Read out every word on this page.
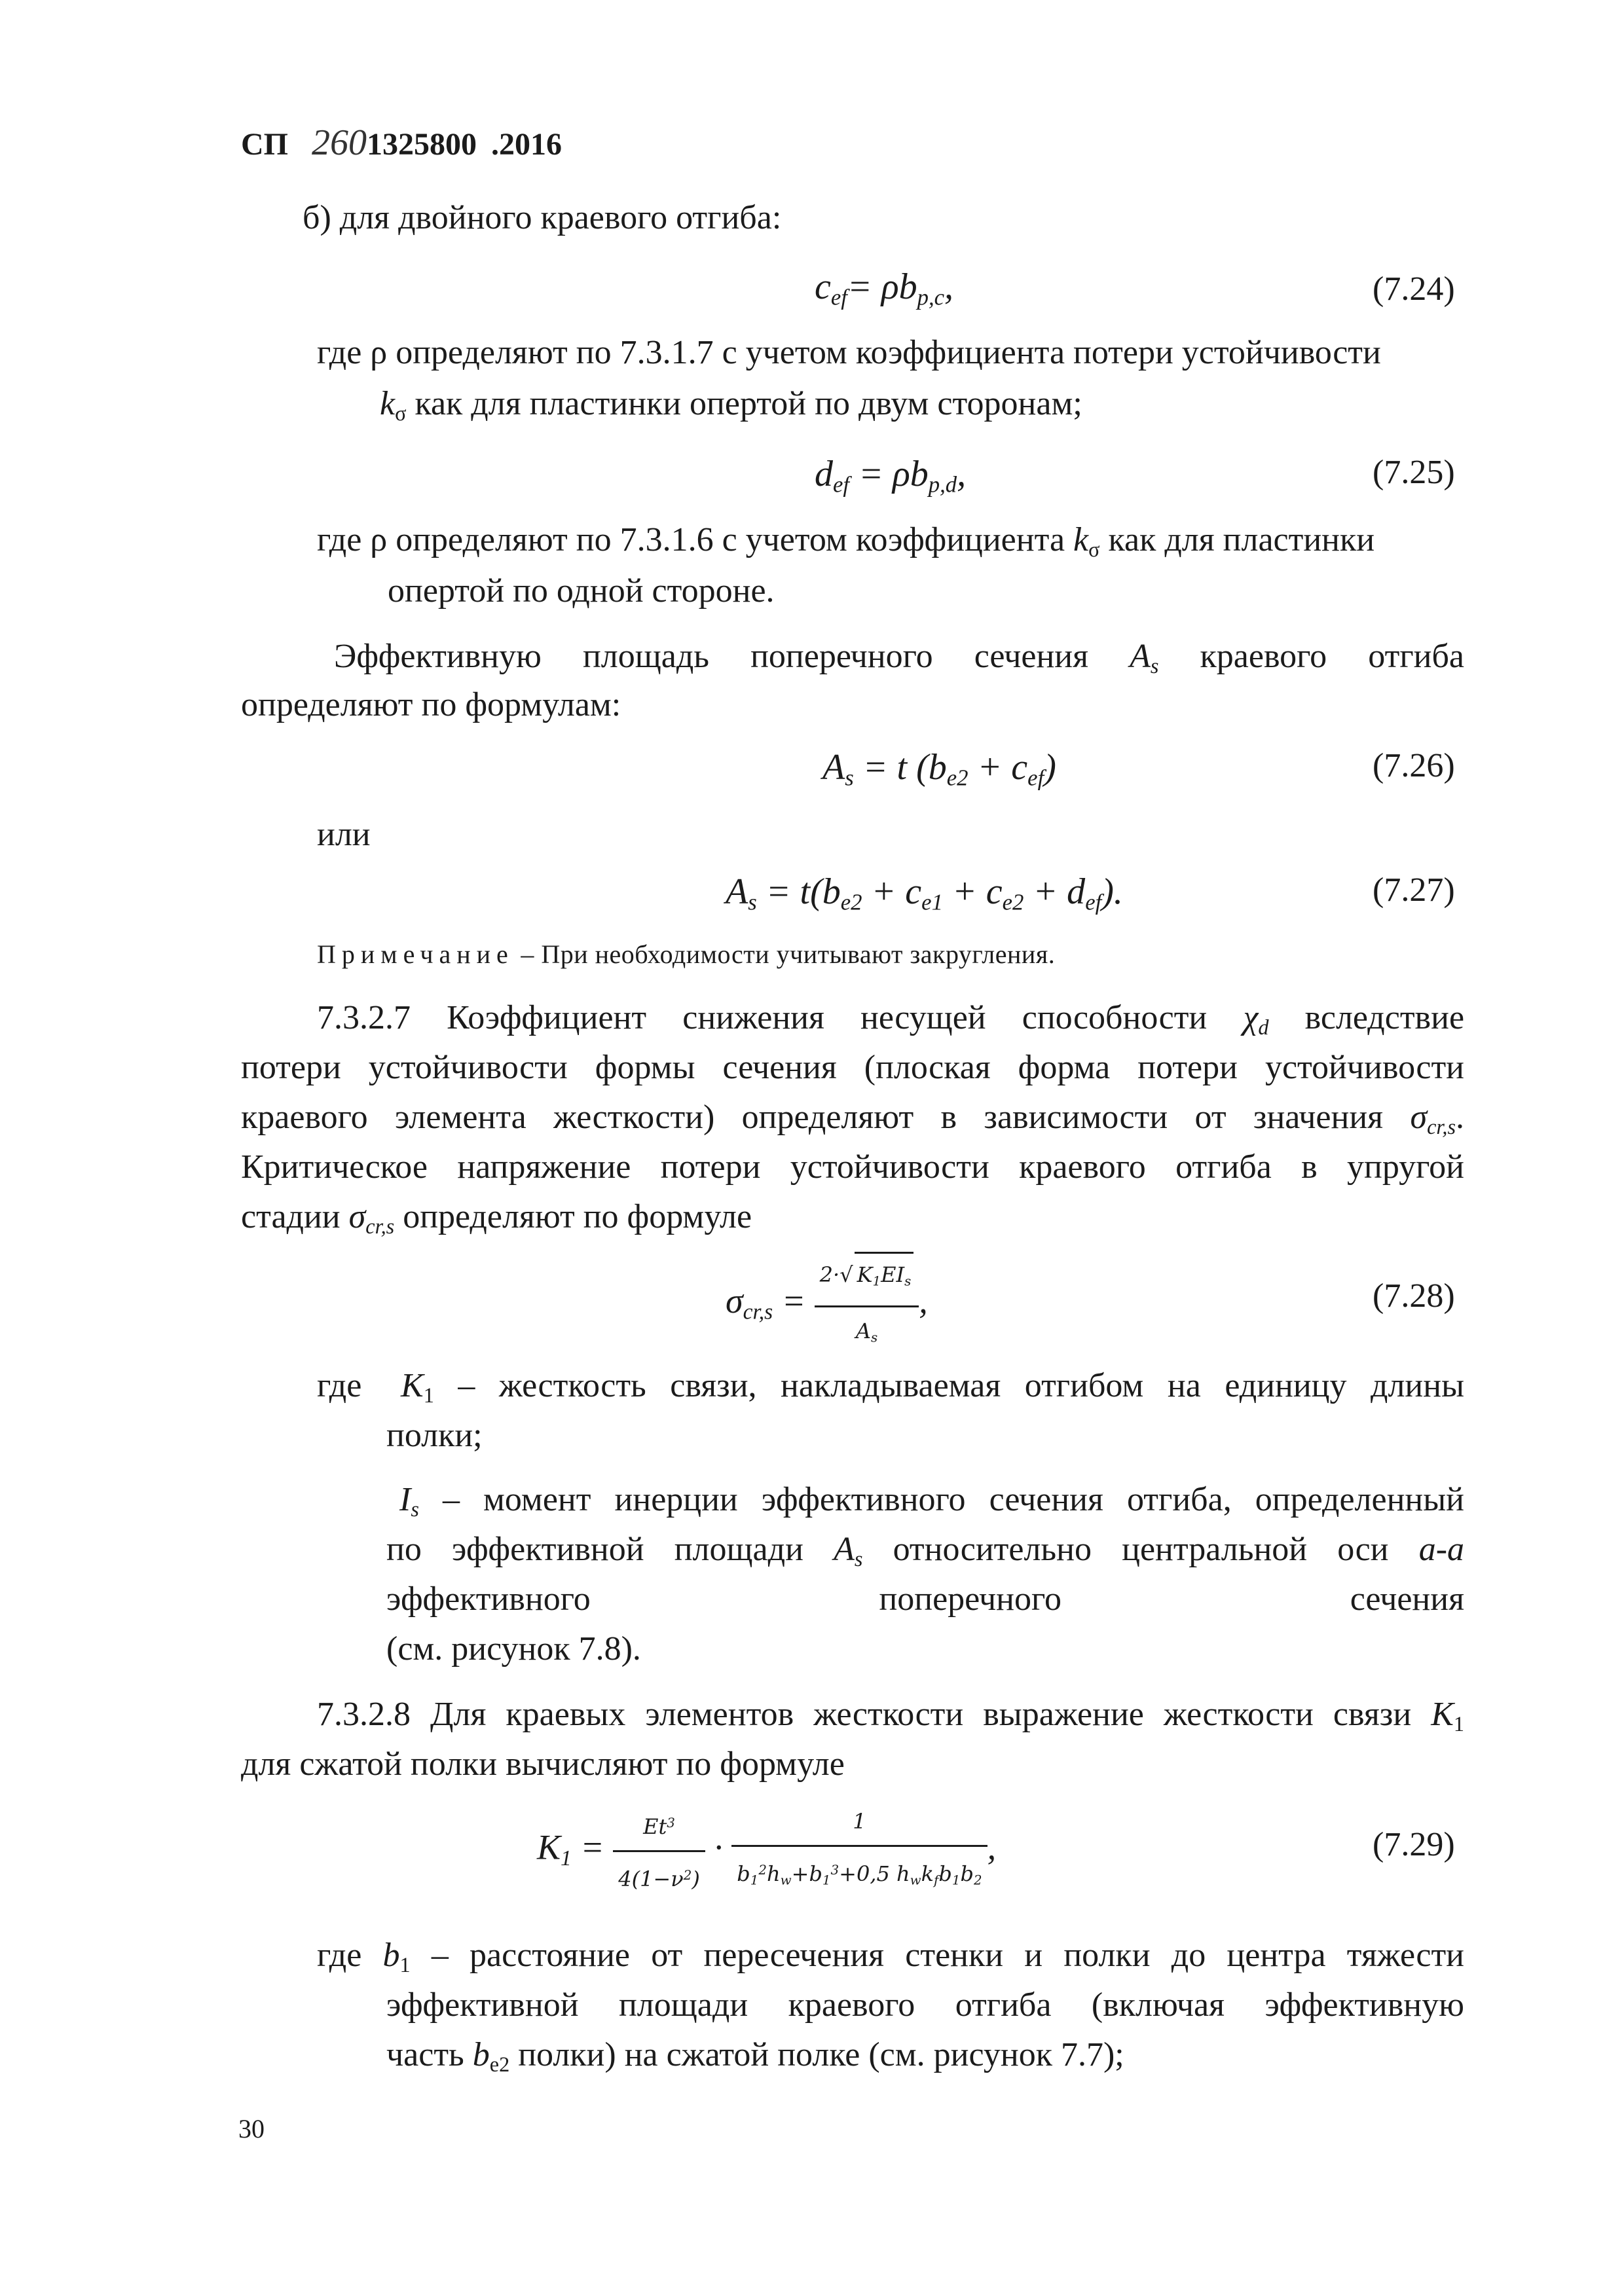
СП 2601325800 .2016
б) для двойного краевого отгиба:
$c_{ef}= \rho b_{p,c}$,	(7.24)
где ρ определяют по 7.3.1.7 с учетом коэффициента потери устойчивости
$k_\sigma$ как для пластинки опертой по двум сторонам;
$d_{ef} = \rho b_{p,d}$,	(7.25)
где ρ определяют по 7.3.1.6 с учетом коэффициента $k_\sigma$ как для пластинки
опертой по одной стороне.
Эффективную площадь поперечного сечения $A_s$ краевого отгиба
определяют по формулам:
$A_s = t$ $(b_{e2} + c_{ef})$	(7.26)
или
$A_s = t(b_{e2} + c_{e1} + c_{e2} + d_{ef})$.	(7.27)
Примечание – При необходимости учитывают закругления.
7.3.2.7 Коэффициент снижения несущей способности $\chi_d$ вследствие
потери устойчивости формы сечения (плоская форма потери устойчивости
краевого элемента жесткости) определяют в зависимости от значения $\sigma_{cr,s}$.
Критическое напряжение потери устойчивости краевого отгиба в упругой
стадии $\sigma_{cr,s}$ определяют по формуле
$\sigma_{cr,s} = \frac{2\cdot√ K_1EI_s}{A_s}$ ,	(7.28)
где $K_1$ – жесткость связи, накладываемая отгибом на единицу длины
полки;
$I_s$ – момент инерции эффективного сечения отгиба, определенный
по эффективной площади $A_s$ относительно центральной оси a-a
эффективного	поперечного	сечения
(см. рисунок 7.8).
7.3.2.8 Для краевых элементов жесткости выражение жесткости связи $K_1$
для сжатой полки вычисляют по формуле
$K_1 = \frac{Et^3}{4(1-\nu^2)} \cdot \frac{1}{b_1^2h_w+b_1^3+0,5 h_wk_fb_1b_2}$ ,	(7.29)
где $b_1$ – расстояние от пересечения стенки и полки до центра тяжести
эффективной площади краевого отгиба (включая эффективную
часть $b_{e2}$ полки) на сжатой полке (см. рисунок 7.7);
30
